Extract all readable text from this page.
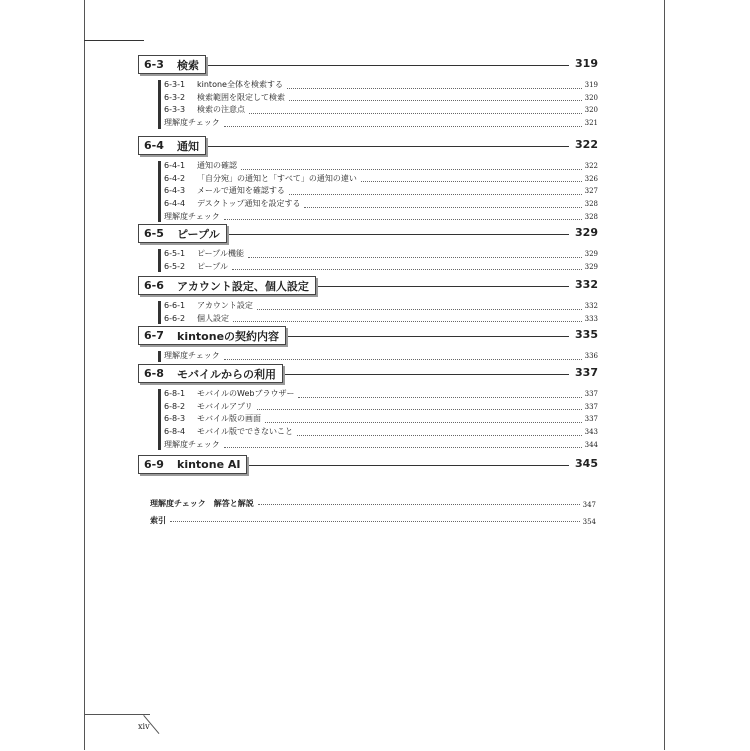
6-3	検索	319
6-3-1	kintone全体を検索する	319
6-3-2	検索範囲を限定して検索	320
6-3-3	検索の注意点	320
理解度チェック	321
6-4	通知	322
6-4-1	通知の確認	322
6-4-2	「自分宛」の通知と「すべて」の通知の違い	326
6-4-3	メールで通知を確認する	327
6-4-4	デスクトップ通知を設定する	328
理解度チェック	328
6-5	ピープル	329
6-5-1	ピープル機能	329
6-5-2	ピープル	329
6-6	アカウント設定、個人設定	332
6-6-1	アカウント設定	332
6-6-2	個人設定	333
6-7	kintoneの契約内容	335
理解度チェック	336
6-8	モバイルからの利用	337
6-8-1	モバイルのWebブラウザー	337
6-8-2	モバイルアプリ	337
6-8-3	モバイル版の画面	337
6-8-4	モバイル版でできないこと	343
理解度チェック	344
6-9	kintone AI	345
理解度チェック　解答と解説	347
索引	354
xiv
